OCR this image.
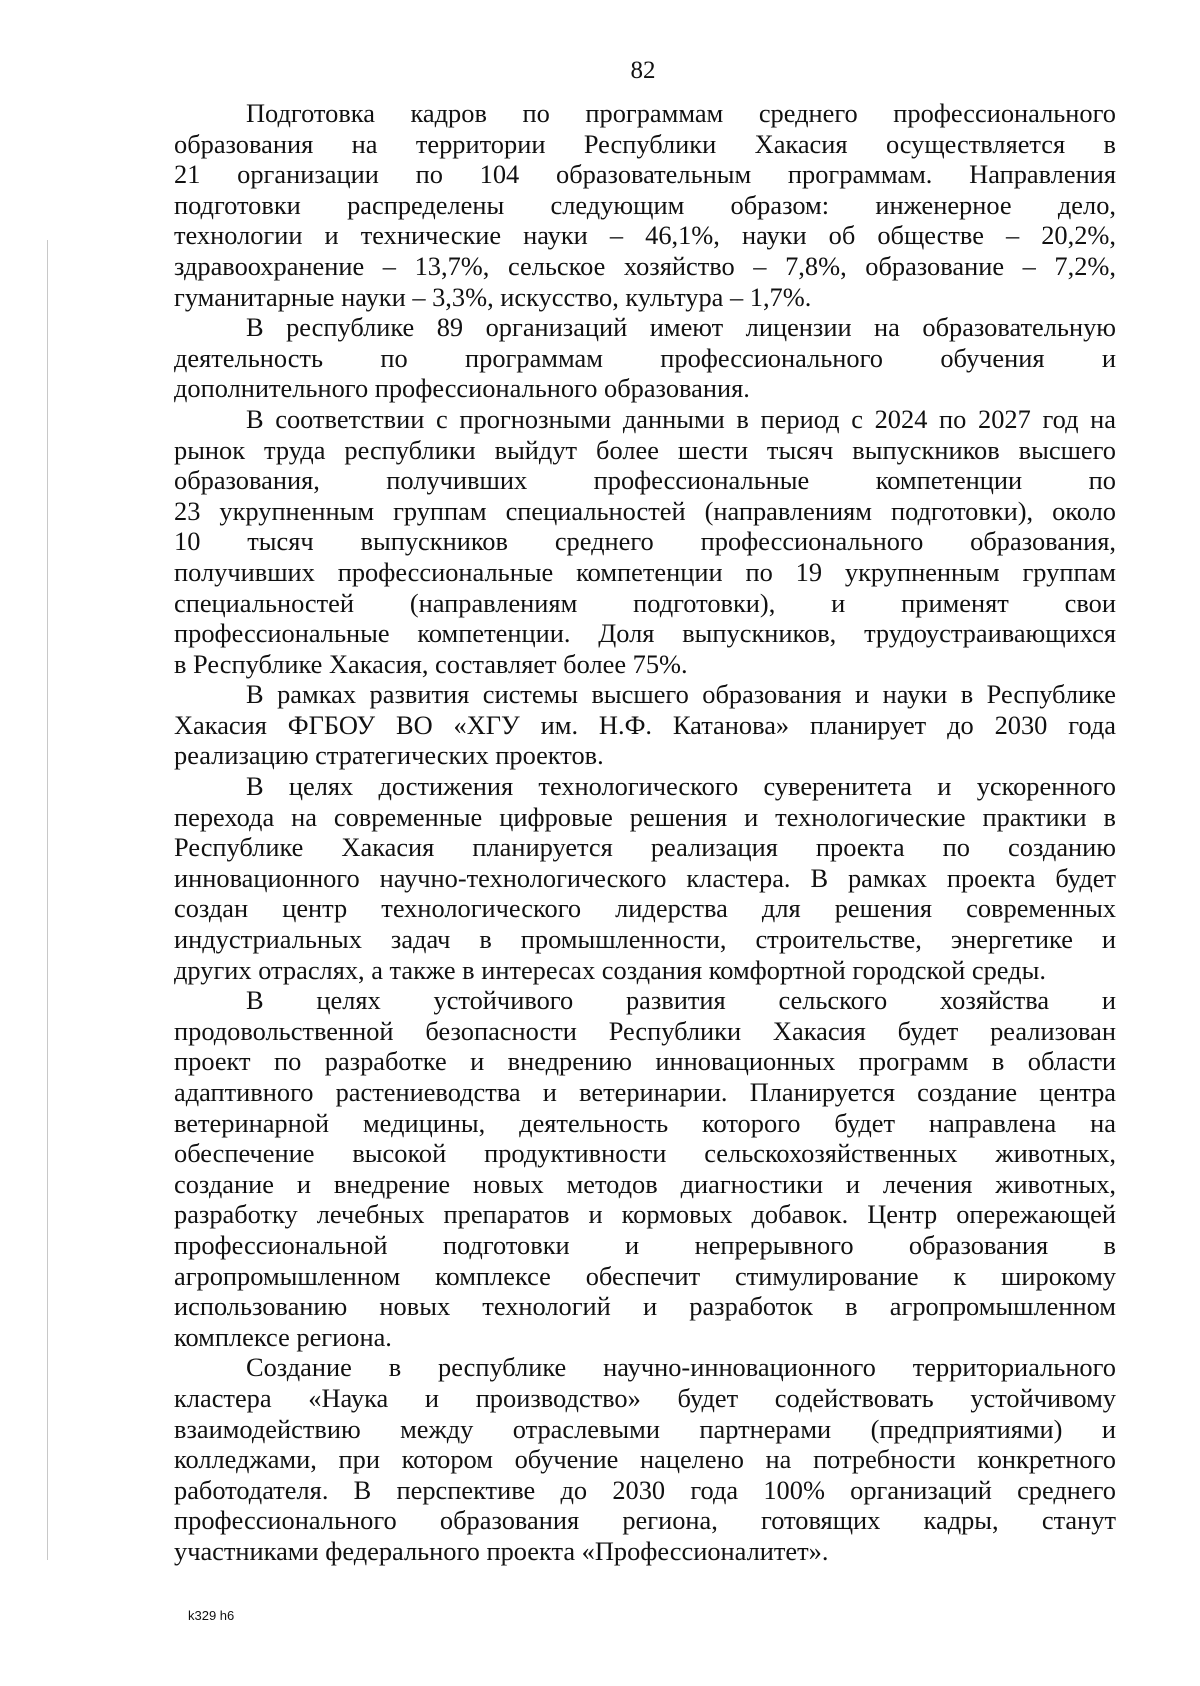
82

Подготовка кадров по программам среднего профессионального
образования на территории Республики Хакасия осуществляется в
21 организации по 104 образовательным программам. Направления
подготовки распределены следующим образом: инженерное дело,
технологии и технические науки – 46,1%, науки об обществе – 20,2%,
здравоохранение – 13,7%, сельское хозяйство – 7,8%, образование – 7,2%,
гуманитарные науки – 3,3%, искусство, культура – 1,7%.

В республике 89 организаций имеют лицензии на образовательную
деятельность по программам профессионального обучения и
дополнительного профессионального образования.

В соответствии с прогнозными данными в период с 2024 по 2027 год на
рынок труда республики выйдут более шести тысяч выпускников высшего
образования, получивших профессиональные компетенции по
23 укрупненным группам специальностей (направлениям подготовки), около
10 тысяч выпускников среднего профессионального образования,
получивших профессиональные компетенции по 19 укрупненным группам
специальностей (направлениям подготовки), и применят свои
профессиональные компетенции. Доля выпускников, трудоустраивающихся
в Республике Хакасия, составляет более 75%.

В рамках развития системы высшего образования и науки в Республике
Хакасия ФГБОУ ВО «ХГУ им. Н.Ф. Катанова» планирует до 2030 года
реализацию стратегических проектов.

В целях достижения технологического суверенитета и ускоренного
перехода на современные цифровые решения и технологические практики в
Республике Хакасия планируется реализация проекта по созданию
инновационного научно-технологического кластера. В рамках проекта будет
создан центр технологического лидерства для решения современных
индустриальных задач в промышленности, строительстве, энергетике и
других отраслях, а также в интересах создания комфортной городской среды.

В целях устойчивого развития сельского хозяйства и
продовольственной безопасности Республики Хакасия будет реализован
проект по разработке и внедрению инновационных программ в области
адаптивного растениеводства и ветеринарии. Планируется создание центра
ветеринарной медицины, деятельность которого будет направлена на
обеспечение высокой продуктивности сельскохозяйственных животных,
создание и внедрение новых методов диагностики и лечения животных,
разработку лечебных препаратов и кормовых добавок. Центр опережающей
профессиональной подготовки и непрерывного образования в
агропромышленном комплексе обеспечит стимулирование к широкому
использованию новых технологий и разработок в агропромышленном
комплексе региона.

Создание в республике научно-инновационного территориального
кластера «Наука и производство» будет содействовать устойчивому
взаимодействию между отраслевыми партнерами (предприятиями) и
колледжами, при котором обучение нацелено на потребности конкретного
работодателя. В перспективе до 2030 года 100% организаций среднего
профессионального образования региона, готовящих кадры, станут
участниками федерального проекта «Профессионалитет».

k329 h6
